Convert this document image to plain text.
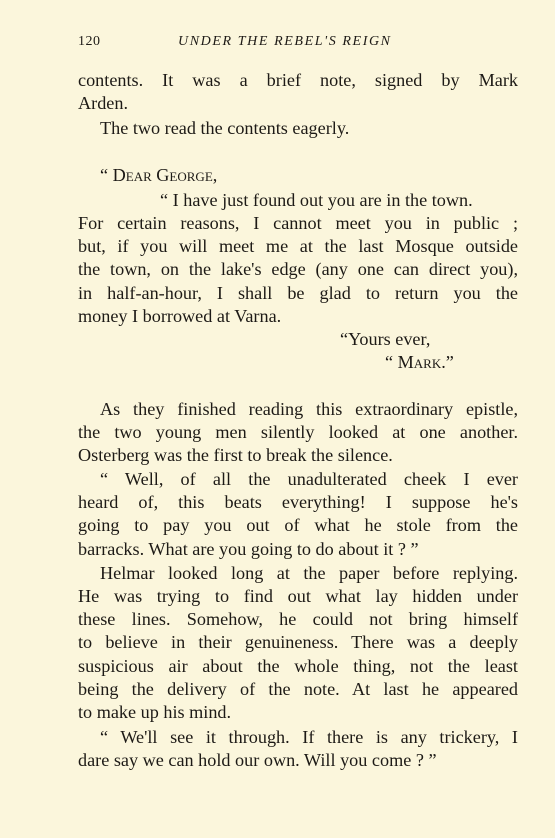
120	UNDER THE REBEL'S REIGN
contents. It was a brief note, signed by Mark
Arden.
The two read the contents eagerly.
“ Dear George,
“ I have just found out you are in the town.
For certain reasons, I cannot meet you in public ;
but, if you will meet me at the last Mosque outside
the town, on the lake's edge (any one can direct you),
in half-an-hour, I shall be glad to return you the
money I borrowed at Varna.
“Yours ever,
“ Mark.”
As they finished reading this extraordinary epistle,
the two young men silently looked at one another.
Osterberg was the first to break the silence.
“ Well, of all the unadulterated cheek I ever
heard of, this beats everything! I suppose he's
going to pay you out of what he stole from the
barracks. What are you going to do about it ? ”
Helmar looked long at the paper before replying.
He was trying to find out what lay hidden under
these lines. Somehow, he could not bring himself
to believe in their genuineness. There was a deeply
suspicious air about the whole thing, not the least
being the delivery of the note. At last he appeared
to make up his mind.
“ We'll see it through. If there is any trickery, I
dare say we can hold our own. Will you come ? ”
